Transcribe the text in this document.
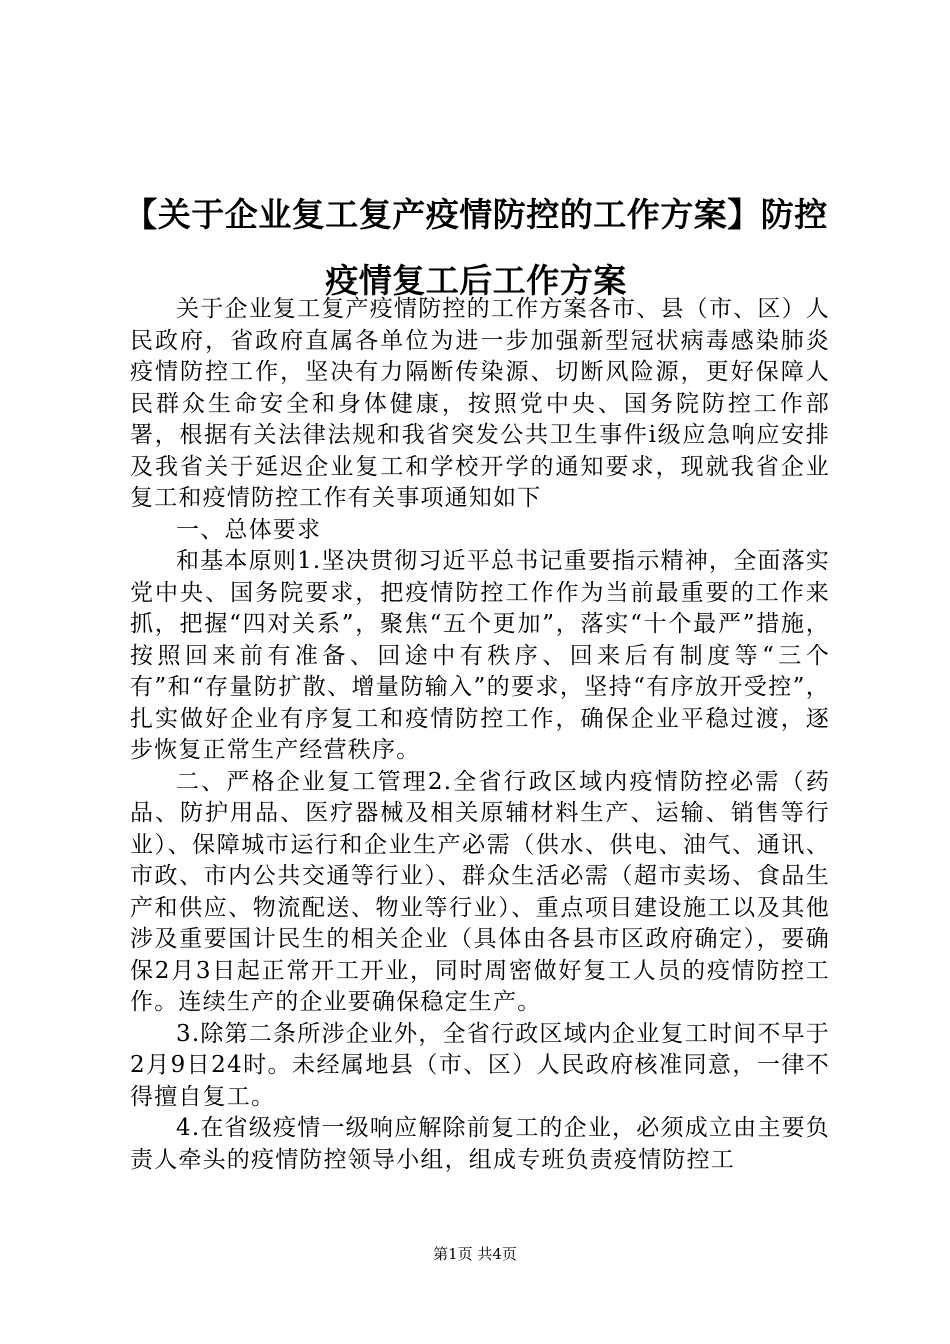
【关于企业复工复产疫情防控的工作方案】防控疫情复工后工作方案

关于企业复工复产疫情防控的工作方案各市、县（市、区）人民政府，省政府直属各单位为进一步加强新型冠状病毒感染肺炎疫情防控工作，坚决有力隔断传染源、切断风险源，更好保障人民群众生命安全和身体健康，按照党中央、国务院防控工作部署，根据有关法律法规和我省突发公共卫生事件ⅰ级应急响应安排及我省关于延迟企业复工和学校开学的通知要求，现就我省企业复工和疫情防控工作有关事项通知如下

一、总体要求

和基本原则1.坚决贯彻习近平总书记重要指示精神，全面落实党中央、国务院要求，把疫情防控工作作为当前最重要的工作来抓，把握“四对关系”，聚焦“五个更加”，落实“十个最严”措施，按照回来前有准备、回途中有秩序、回来后有制度等“三个有”和“存量防扩散、增量防输入”的要求，坚持“有序放开受控”，扎实做好企业有序复工和疫情防控工作，确保企业平稳过渡，逐步恢复正常生产经营秩序。

二、严格企业复工管理2.全省行政区域内疫情防控必需（药品、防护用品、医疗器械及相关原辅材料生产、运输、销售等行业）、保障城市运行和企业生产必需（供水、供电、油气、通讯、市政、市内公共交通等行业）、群众生活必需（超市卖场、食品生产和供应、物流配送、物业等行业）、重点项目建设施工以及其他涉及重要国计民生的相关企业（具体由各县市区政府确定），要确保2月3日起正常开工开业，同时周密做好复工人员的疫情防控工作。连续生产的企业要确保稳定生产。

3.除第二条所涉企业外，全省行政区域内企业复工时间不早于2月9日24时。未经属地县（市、区）人民政府核准同意，一律不得擅自复工。

4.在省级疫情一级响应解除前复工的企业，必须成立由主要负责人牵头的疫情防控领导小组，组成专班负责疫情防控工

第1页 共4页
